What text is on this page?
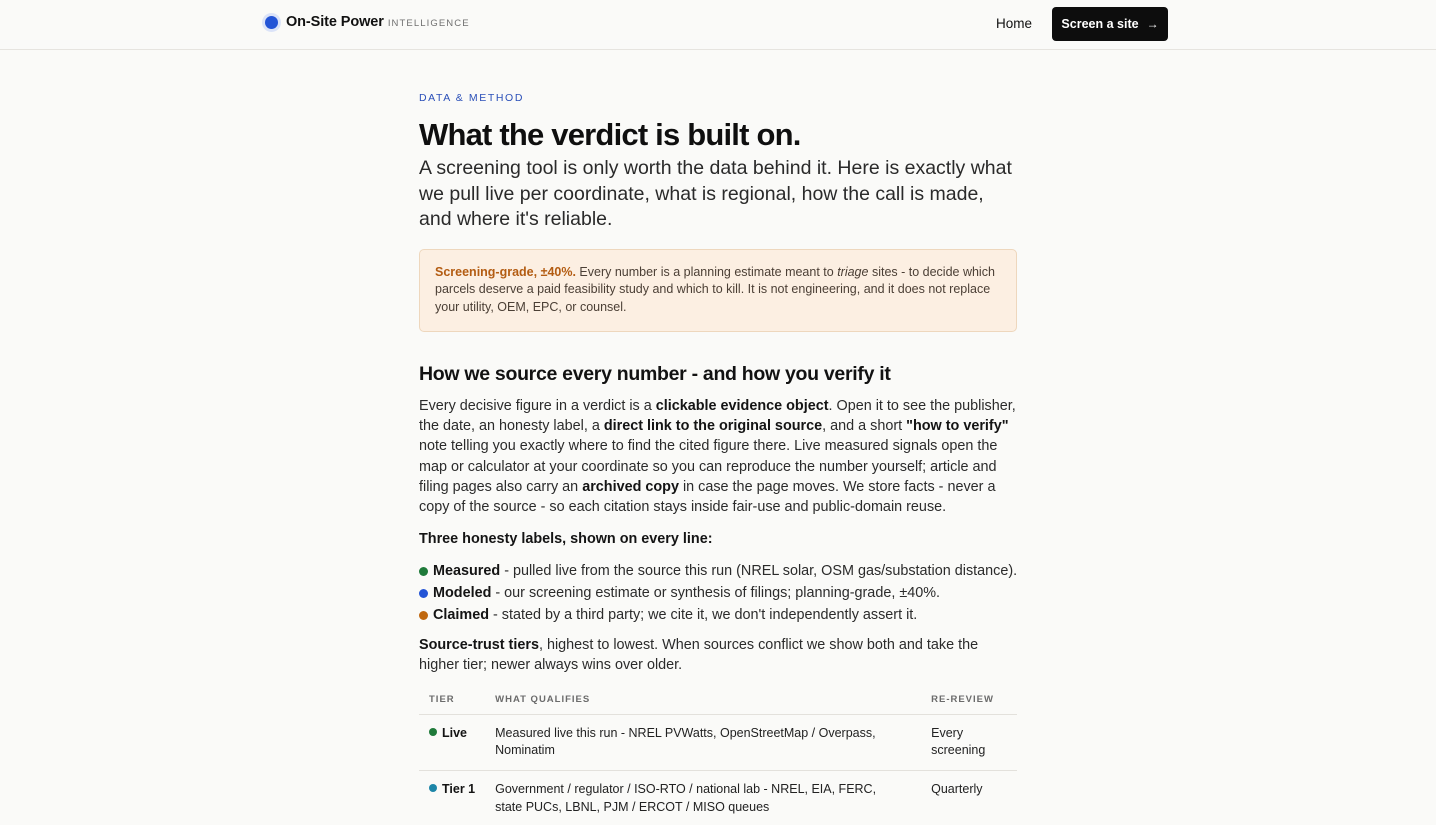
On-Site Power INTELLIGENCE	Home Screen a site →
DATA & METHOD
What the verdict is built on.

A screening tool is only worth the data behind it. Here is exactly what we pull live per coordinate, what is regional, how the call is made, and where it's reliable.

Screening-grade, ±40%. Every number is a planning estimate meant to triage sites - to decide which parcels deserve a paid feasibility study and which to kill. It is not engineering, and it does not replace your utility, OEM, EPC, or counsel.
How we source every number - and how you verify it

Every decisive figure in a verdict is a clickable evidence object. Open it to see the publisher, the date, an honesty label, a direct link to the original source, and a short "how to verify" note telling you exactly where to find the cited figure there. Live measured signals open the map or calculator at your coordinate so you can reproduce the number yourself; article and filing pages also carry an archived copy in case the page moves. We store facts - never a copy of the source - so each citation stays inside fair-use and public-domain reuse.

Three honesty labels, shown on every line:
Measured - pulled live from the source this run (NREL solar, OSM gas/substation distance).
Modeled - our screening estimate or synthesis of filings; planning-grade, ±40%.
Claimed - stated by a third party; we cite it, we don't independently assert it.

Source-trust tiers, highest to lowest. When sources conflict we show both and take the higher tier; newer always wins over older.

TIER	WHAT QUALIFIES	RE-REVIEW
Live	Measured live this run - NREL PVWatts, OpenStreetMap / Overpass, Nominatim	Every screening
Tier 1	Government / regulator / ISO-RTO / national lab - NREL, EIA, FERC, state PUCs, LBNL, PJM / ERCOT / MISO queues	Quarterly
